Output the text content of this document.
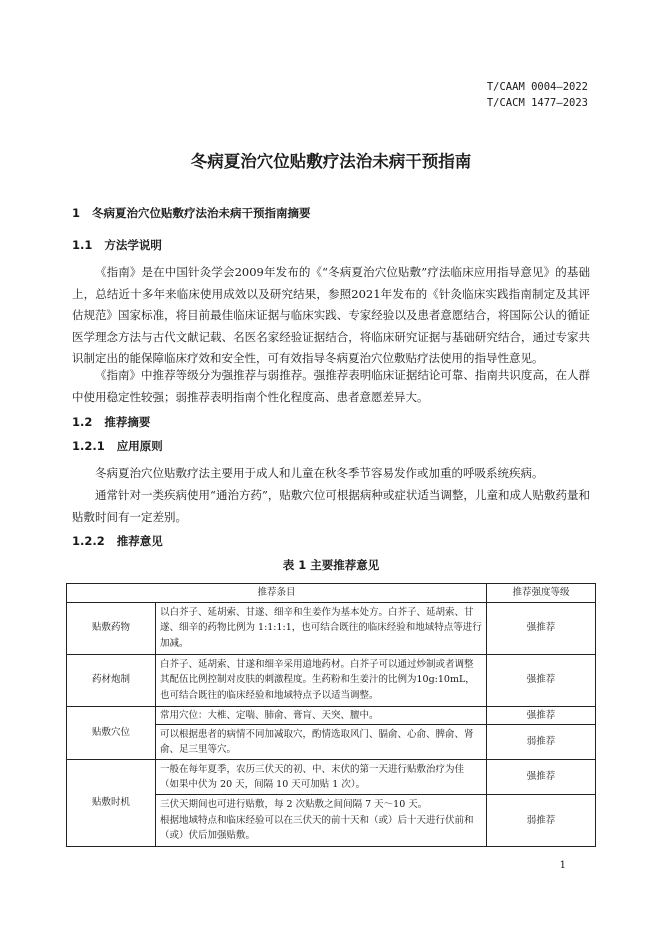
T/CAAM 0004—2022
T/CACM 1477—2023
冬病夏治穴位贴敷疗法治未病干预指南
1   冬病夏治穴位贴敷疗法治未病干预指南摘要
1.1   方法学说明

《指南》是在中国针灸学会2009年发布的《“冬病夏治穴位贴敷”疗法临床应用指导意见》的基础上，总结近十多年来临床使用成效以及研究结果，参照2021年发布的《针灸临床实践指南制定及其评估规范》国家标准，将目前最佳临床证据与临床实践、专家经验以及患者意愿结合，将国际公认的循证医学理念方法与古代文献记载、名医名家经验证据结合，将临床研究证据与基础研究结合，通过专家共识制定出的能保障临床疗效和安全性，可有效指导冬病夏治穴位敷贴疗法使用的指导性意见。

《指南》中推荐等级分为强推荐与弱推荐。强推荐表明临床证据结论可靠、指南共识度高，在人群中使用稳定性较强；弱推荐表明指南个性化程度高、患者意愿差异大。

1.2   推荐摘要
1.2.1   应用原则

冬病夏治穴位贴敷疗法主要用于成人和儿童在秋冬季节容易发作或加重的呼吸系统疾病。

通常针对一类疾病使用“通治方药”，贴敷穴位可根据病种或症状适当调整，儿童和成人贴敷药量和贴敷时间有一定差别。

1.2.2   推荐意见
表 1 主要推荐意见
推荐条目		推荐强度等级
贴敷药物	以白芥子、延胡索、甘遂、细辛和生姜作为基本处方。白芥子、延胡索、甘遂、细辛的药物比例为 1:1:1:1，也可结合既往的临床经验和地域特点等进行加减。	强推荐
药材炮制	白芥子、延胡索、甘遂和细辛采用道地药材。白芥子可以通过炒制或者调整其配伍比例控制对皮肤的刺激程度。生药粉和生姜汁的比例为10g:10mL，也可结合既往的临床经验和地域特点予以适当调整。	强推荐
贴敷穴位	常用穴位：大椎、定喘、肺俞、膏肓、天突、膻中。	强推荐
	可以根据患者的病情不同加减取穴，酌情选取风门、膈俞、心俞、脾俞、肾俞、足三里等穴。	弱推荐
贴敷时机	一般在每年夏季，农历三伏天的初、中、末伏的第一天进行贴敷治疗为佳（如果中伏为 20 天，间隔 10 天可加贴 1 次）。	强推荐

	三伏天期间也可进行贴敷，每 2 次贴敷之间间隔 7 天～10 天。
根据地域特点和临床经验可以在三伏天的前十天和（或）后十天进行伏前和（或）伏后加强贴敷。	弱推荐
1
